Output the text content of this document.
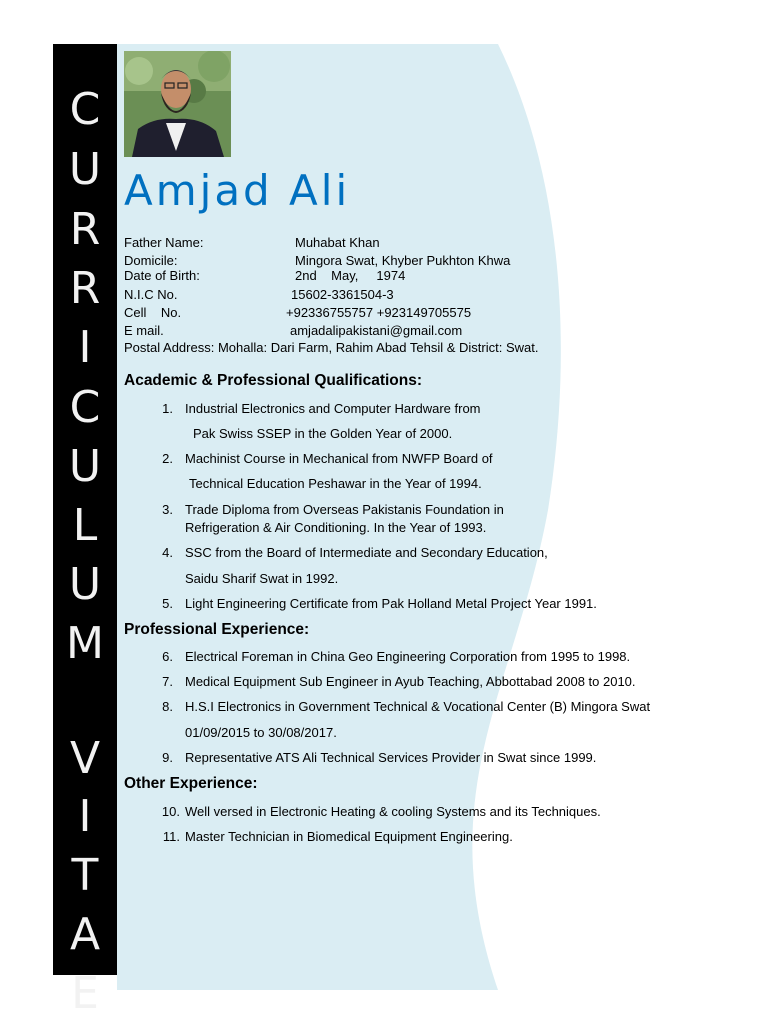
C
U
R
R
I
C
U
L
U
M
V
I
T
A
E
Amjad Ali
Father Name:	Muhabat Khan
Domicile:	Mingora Swat, Khyber Pukhton Khwa
Date of Birth:	2nd    May,     1974
N.I.C No.	15602-3361504-3
Cell    No.	+92336755757 +923149705575
E mail.	amjadalipakistani@gmail.com
Postal Address: Mohalla: Dari Farm, Rahim Abad Tehsil & District: Swat.
Academic & Professional Qualifications:
1. Industrial Electronics and Computer Hardware from
Pak Swiss SSEP in the Golden Year of 2000.
2. Machinist Course in Mechanical from NWFP Board of
Technical Education Peshawar in the Year of 1994.
3. Trade Diploma from Overseas Pakistanis Foundation in
Refrigeration & Air Conditioning. In the Year of 1993.
4. SSC from the Board of Intermediate and Secondary Education,
Saidu Sharif Swat in 1992.
5. Light Engineering Certificate from Pak Holland Metal Project Year 1991.
Professional Experience:
6. Electrical Foreman in China Geo Engineering Corporation from 1995 to 1998.
7. Medical Equipment Sub Engineer in Ayub Teaching, Abbottabad 2008 to 2010.
8. H.S.I Electronics in Government Technical & Vocational Center (B) Mingora Swat
01/09/2015 to 30/08/2017.
9. Representative ATS Ali Technical Services Provider in Swat since 1999.
Other Experience:
10. Well versed in Electronic Heating & cooling Systems and its Techniques.
11. Master Technician in Biomedical Equipment Engineering.
